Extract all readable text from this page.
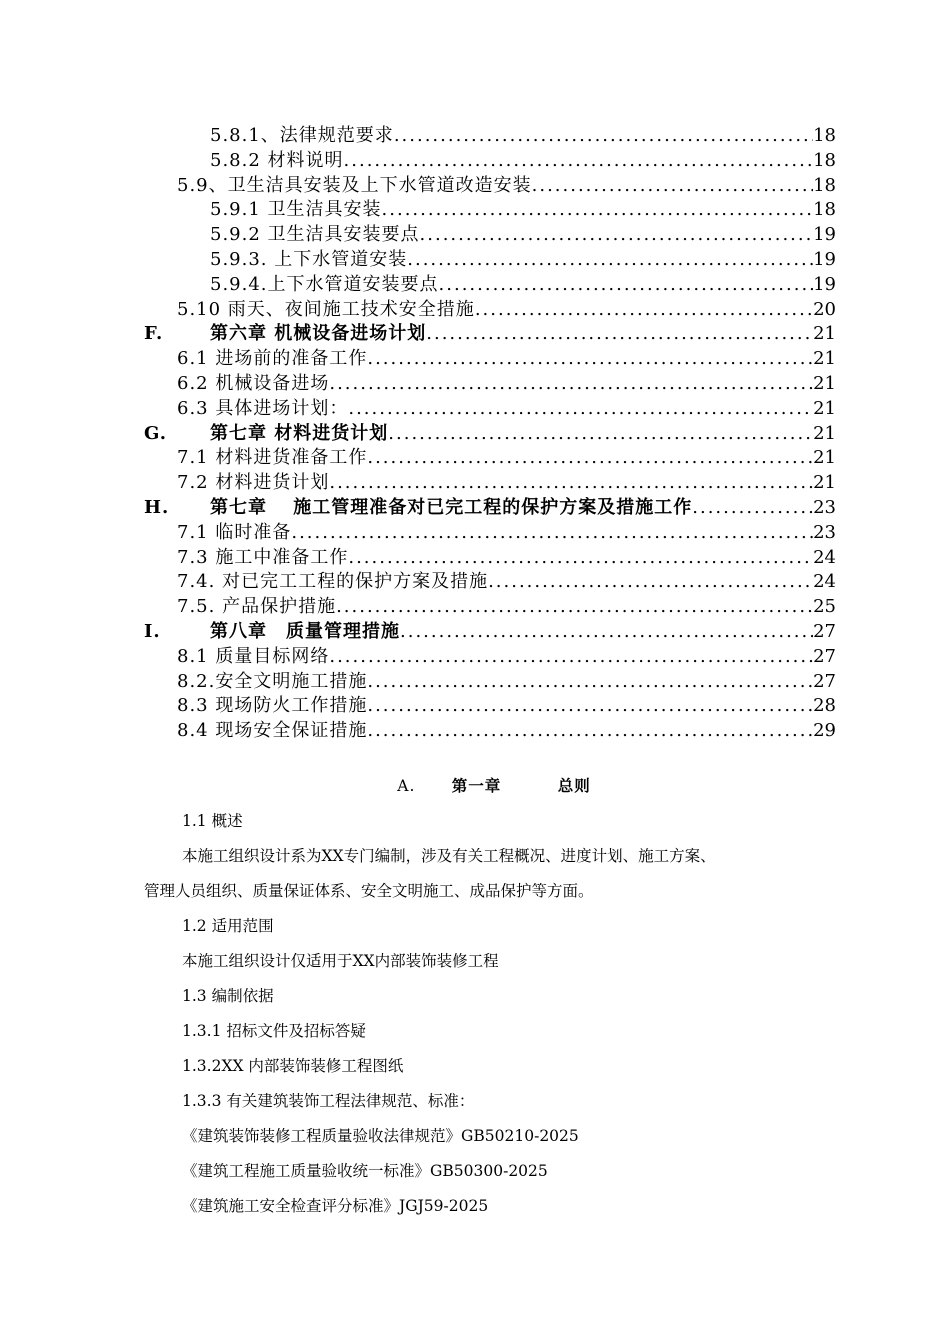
5.8.1、法律规范要求 .....	18
5.8.2 材料说明 .....	18
5.9、卫生洁具安装及上下水管道改造安装 .....	18
5.9.1 卫生洁具安装 .....	18
5.9.2 卫生洁具安装要点 .....	19
5.9.3. 上下水管道安装 .....	19
5.9.4.上下水管道安装要点 .....	19
5.10 雨天、夜间施工技术安全措施 .....	20
F.	第六章 机械设备进场计划 .....	21
6.1 进场前的准备工作 .....	21
6.2 机械设备进场 .....	21
6.3 具体进场计划： .....	21
G.	第七章 材料进货计划 .....	21
7.1 材料进货准备工作 .....	21
7.2 材料进货计划 .....	21
H.	第七章　 施工管理准备对已完工程的保护方案及措施工作 .....	23
7.1 临时准备 .....	23
7.3 施工中准备工作 .....	24
7.4. 对已完工工程的保护方案及措施 .....	24
7.5. 产品保护措施 .....	25
I.	第八章　质量管理措施 .....	27
8.1 质量目标网络 .....	27
8.2.安全文明施工措施 .....	27
8.3 现场防火工作措施 .....	28
8.4 现场安全保证措施 .....	29
A. 第一章	总则
1.1 概述
本施工组织设计系为XX专门编制，涉及有关工程概况、进度计划、施工方案、
管理人员组织、质量保证体系、安全文明施工、成品保护等方面。
1.2 适用范围
本施工组织设计仅适用于XX内部装饰装修工程
1.3 编制依据
1.3.1 招标文件及招标答疑
1.3.2XX 内部装饰装修工程图纸
1.3.3 有关建筑装饰工程法律规范、标准：
《建筑装饰装修工程质量验收法律规范》GB50210-2025
《建筑工程施工质量验收统一标准》GB50300-2025
《建筑施工安全检查评分标准》JGJ59-2025
